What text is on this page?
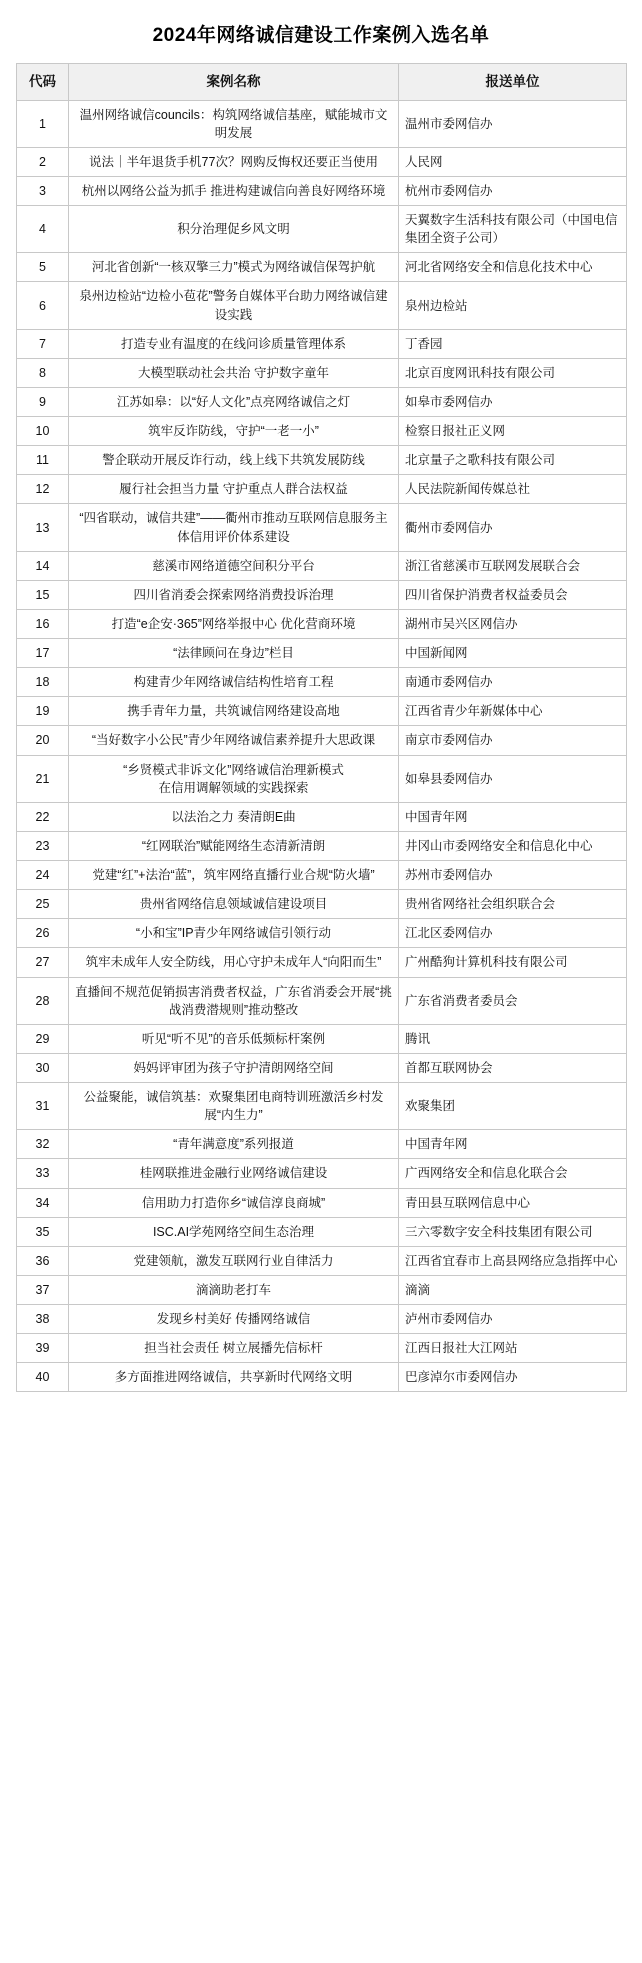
2024年网络诚信建设工作案例入选名单
代码	案例名称	报送单位
1	温州网络诚信councils：构筑网络诚信基座，赋能城市文明发展	温州市委网信办
2	说法｜半年退货手机77次？网购反悔权还要正当使用	人民网
3	杭州以网络公益为抓手 推进构建诚信向善良好网络环境	杭州市委网信办
4	积分治理促乡风文明	天翼数字生活科技有限公司（中国电信集团全资子公司）
5	河北省创新“一核双擎三力”模式为网络诚信保驾护航	河北省网络安全和信息化技术中心
6	泉州边检站“边检小苞花”警务自媒体平台助力网络诚信建设实践	泉州边检站
7	打造专业有温度的在线问诊质量管理体系	丁香园
8	大模型联动社会共治 守护数字童年	北京百度网讯科技有限公司
9	江苏如皋：以“好人文化”点亮网络诚信之灯	如皋市委网信办
10	筑牢反诈防线，守护“一老一小”	检察日报社正义网
11	警企联动开展反诈行动，线上线下共筑发展防线	北京量子之歌科技有限公司
12	履行社会担当力量 守护重点人群合法权益	人民法院新闻传媒总社
13	“四省联动，诚信共建”——衢州市推动互联网信息服务主体信用评价体系建设	衢州市委网信办
14	慈溪市网络道德空间积分平台	浙江省慈溪市互联网发展联合会
15	四川省消委会探索网络消费投诉治理	四川省保护消费者权益委员会
16	打造“e企安·365”网络举报中心 优化营商环境	湖州市吴兴区网信办
17	“法律顾问在身边”栏目	中国新闻网
18	构建青少年网络诚信结构性培育工程	南通市委网信办
19	携手青年力量，共筑诚信网络建设高地	江西省青少年新媒体中心
20	“当好数字小公民”青少年网络诚信素养提升大思政课	南京市委网信办
21	“乡贤模式非诉文化”网络诚信治理新模式
在信用调解领域的实践探索	如皋县委网信办
22	以法治之力 奏清朗E曲	中国青年网
23	“红网联治”赋能网络生态清新清朗	井冈山市委网络安全和信息化中心
24	党建“红”+法治“蓝”，筑牢网络直播行业合规“防火墙”	苏州市委网信办
25	贵州省网络信息领域诚信建设项目	贵州省网络社会组织联合会
26	“小和宝”IP青少年网络诚信引领行动	江北区委网信办
27	筑牢未成年人安全防线，用心守护未成年人“向阳而生”	广州酷狗计算机科技有限公司
28	直播间不规范促销损害消费者权益，广东省消委会开展“挑战消费潜规则”推动整改	广东省消费者委员会
29	听见“听不见”的音乐低频标杆案例	腾讯
30	妈妈评审团为孩子守护清朗网络空间	首都互联网协会
31	公益聚能，诚信筑基：欢聚集团电商特训班激活乡村发展“内生力”	欢聚集团
32	“青年满意度”系列报道	中国青年网
33	桂网联推进金融行业网络诚信建设	广西网络安全和信息化联合会
34	信用助力打造你乡“诚信淳良商城”	青田县互联网信息中心
35	ISC.AI学苑网络空间生态治理	三六零数字安全科技集团有限公司
36	党建领航，激发互联网行业自律活力	江西省宜春市上高县网络应急指挥中心
37	滴滴助老打车	滴滴
38	发现乡村美好 传播网络诚信	泸州市委网信办
39	担当社会责任 树立展播先信标杆	江西日报社大江网站
40	多方面推进网络诚信，共享新时代网络文明	巴彦淖尔市委网信办
